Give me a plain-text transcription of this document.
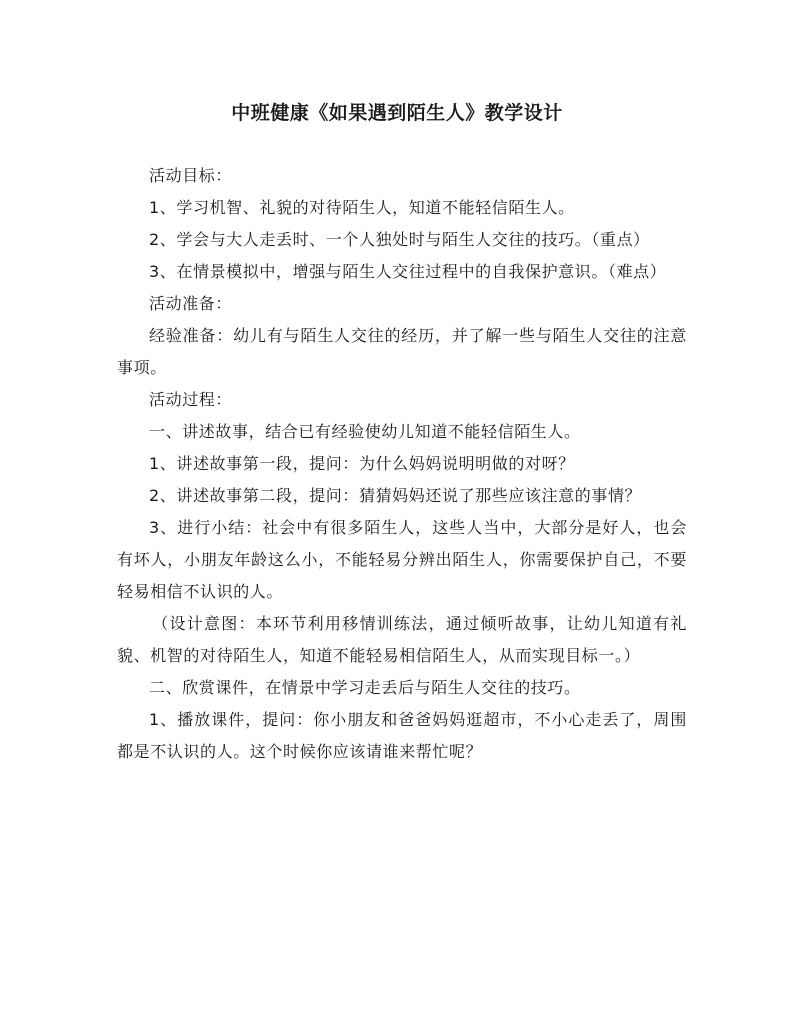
中班健康《如果遇到陌生人》教学设计

活动目标：

1、学习机智、礼貌的对待陌生人，知道不能轻信陌生人。

2、学会与大人走丢时、一个人独处时与陌生人交往的技巧。（重点）

3、在情景模拟中，增强与陌生人交往过程中的自我保护意识。（难点）

活动准备：

经验准备：幼儿有与陌生人交往的经历，并了解一些与陌生人交往的注意事项。

活动过程：

一、讲述故事，结合已有经验使幼儿知道不能轻信陌生人。

1、讲述故事第一段，提问：为什么妈妈说明明做的对呀？

2、讲述故事第二段，提问：猜猜妈妈还说了那些应该注意的事情？

3、进行小结：社会中有很多陌生人，这些人当中，大部分是好人，也会有坏人，小朋友年龄这么小，不能轻易分辨出陌生人，你需要保护自己，不要轻易相信不认识的人。

（设计意图：本环节利用移情训练法，通过倾听故事，让幼儿知道有礼貌、机智的对待陌生人，知道不能轻易相信陌生人，从而实现目标一。）

二、欣赏课件，在情景中学习走丢后与陌生人交往的技巧。

1、播放课件，提问：你小朋友和爸爸妈妈逛超市，不小心走丢了，周围都是不认识的人。这个时候你应该请谁来帮忙呢？
